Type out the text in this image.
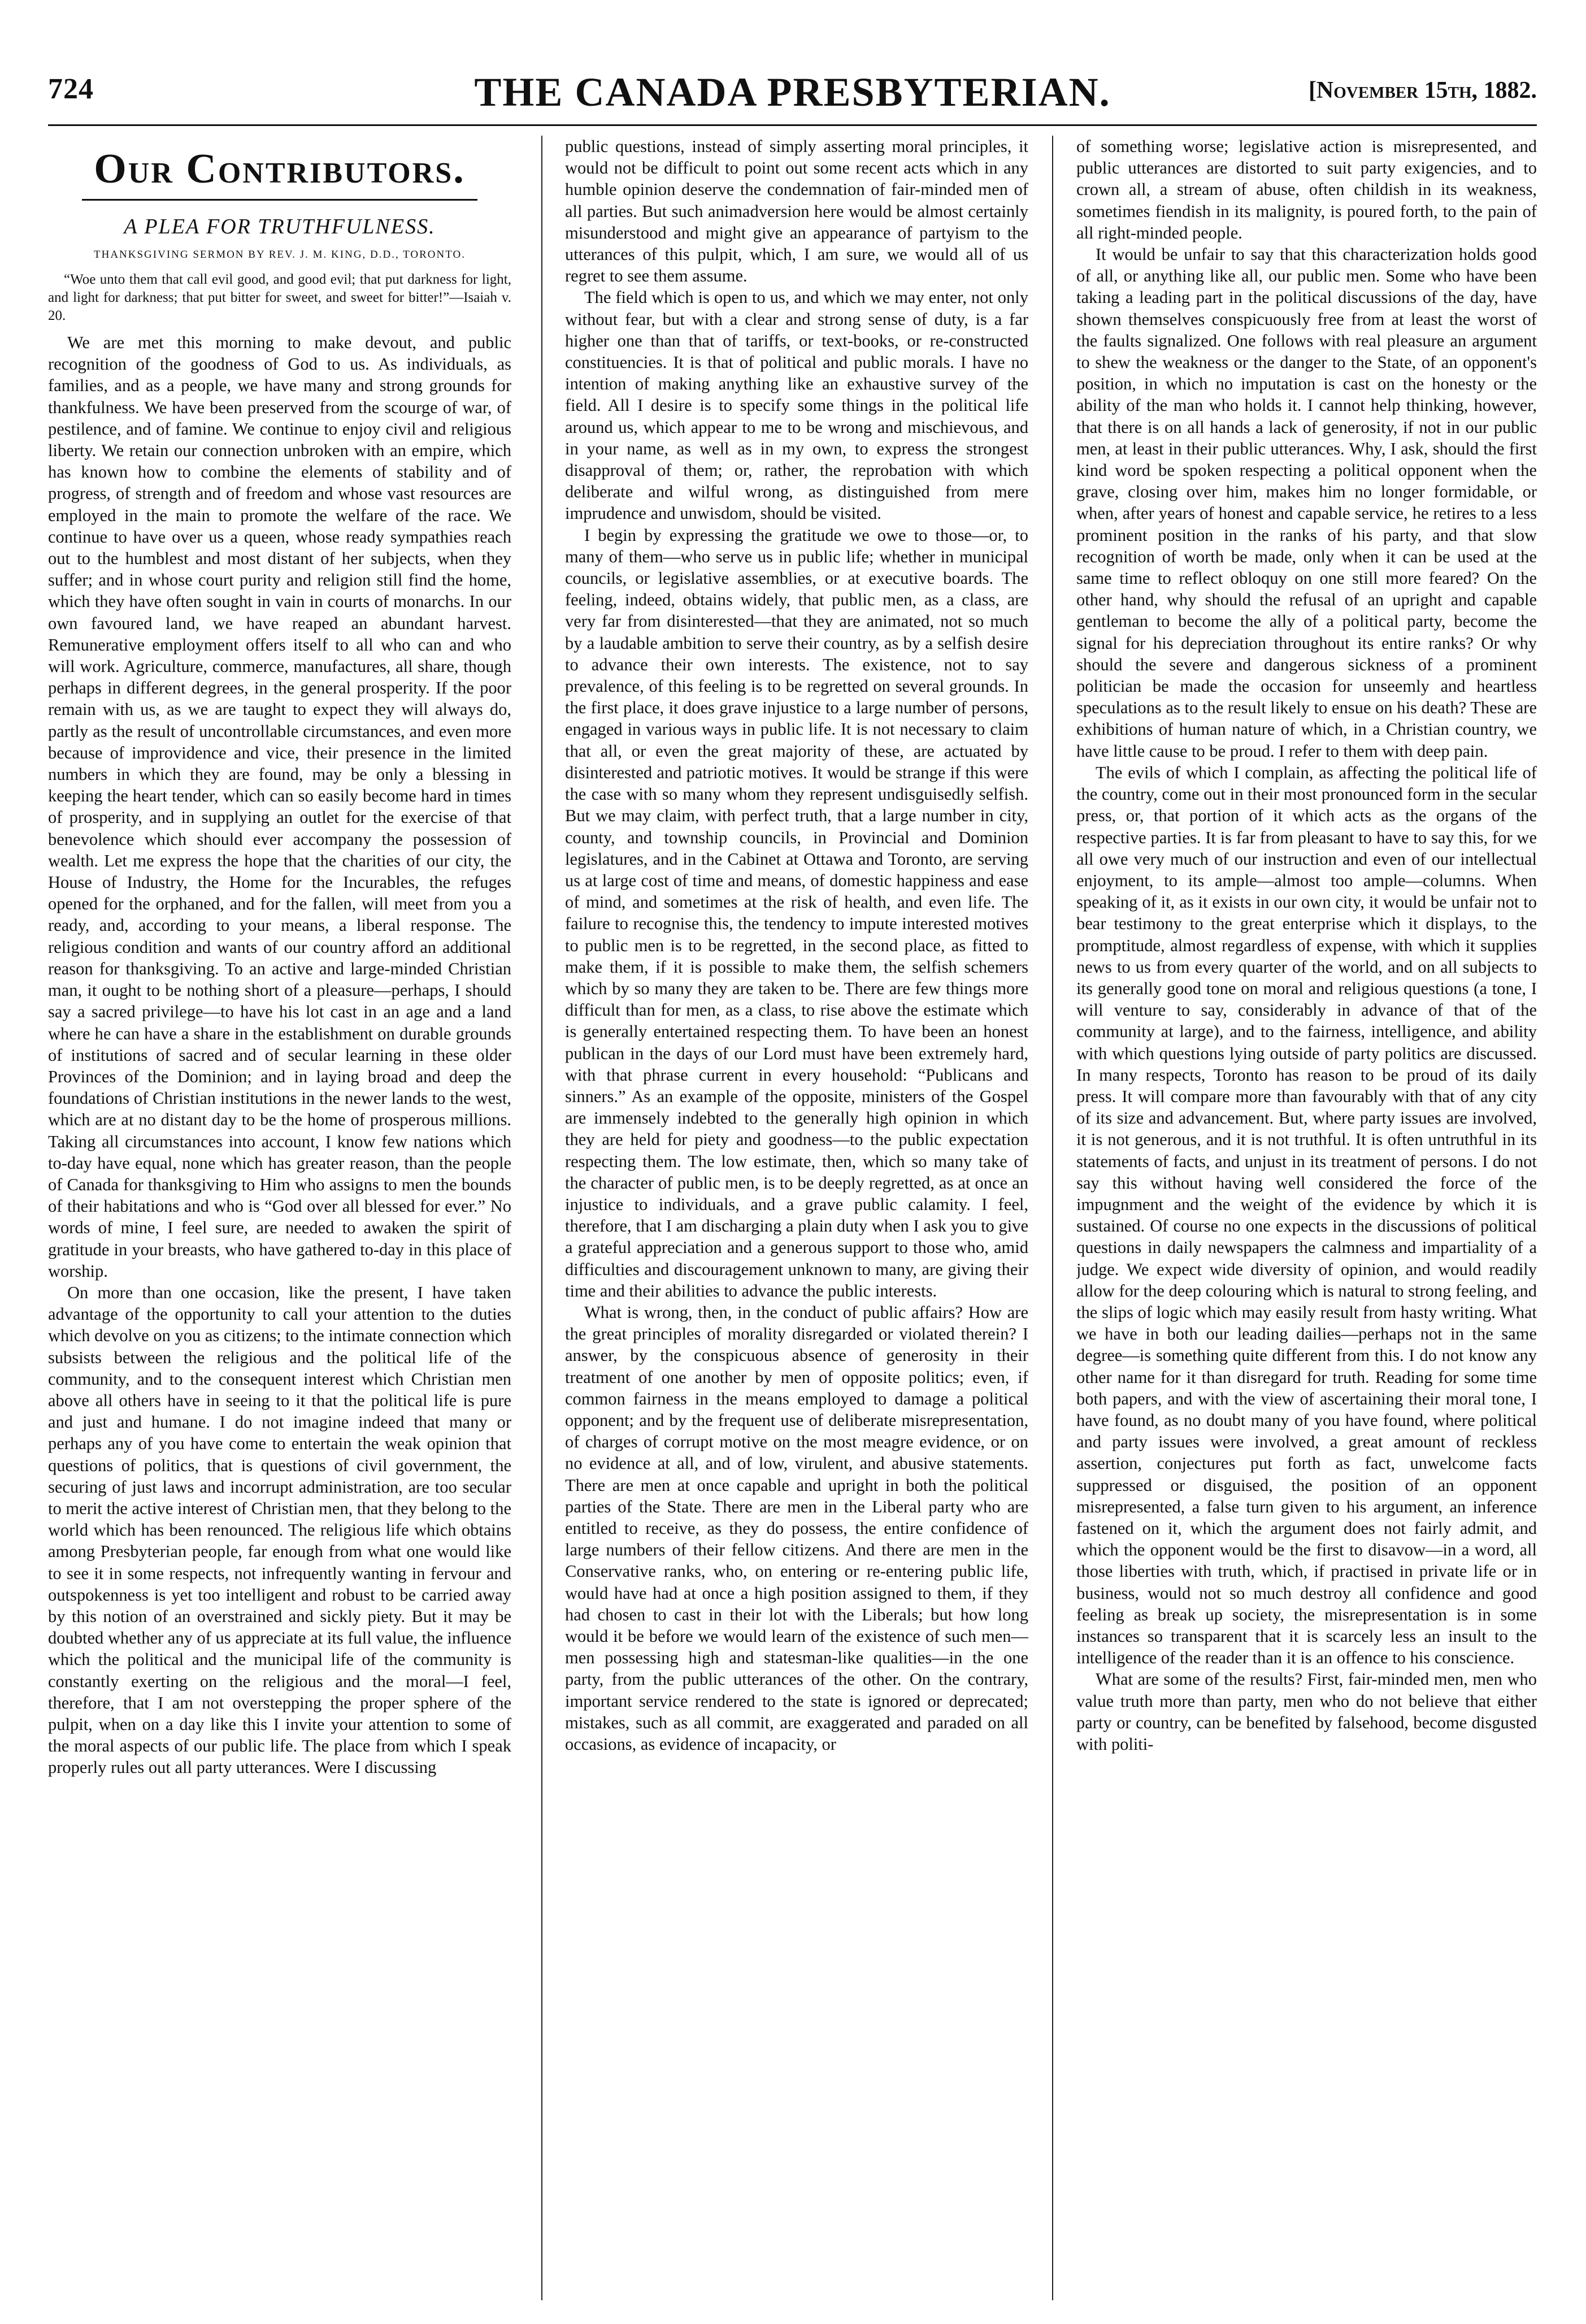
724	THE CANADA PRESBYTERIAN.	[November 15th, 1882.
Our Contributors.
A PLEA FOR TRUTHFULNESS.
THANKSGIVING SERMON BY REV. J. M. KING, D.D., TORONTO.
“Woe unto them that call evil good, and good evil; that put darkness for light, and light for darkness; that put bitter for sweet, and sweet for bitter!”—Isaiah v. 20.

We are met this morning to make devout, and public recognition of the goodness of God to us. As individuals, as families, and as a people, we have many and strong grounds for thankfulness. We have been preserved from the scourge of war, of pestilence, and of famine. We continue to enjoy civil and religious liberty. We retain our connection unbroken with an empire, which has known how to combine the elements of stability and of progress, of strength and of freedom and whose vast resources are employed in the main to promote the welfare of the race. We continue to have over us a queen, whose ready sympathies reach out to the humblest and most distant of her subjects, when they suffer; and in whose court purity and religion still find the home, which they have often sought in vain in courts of monarchs. In our own favoured land, we have reaped an abundant harvest. Remunerative employment offers itself to all who can and who will work. Agriculture, commerce, manufactures, all share, though perhaps in different degrees, in the general prosperity. If the poor remain with us, as we are taught to expect they will always do, partly as the result of uncontrollable circumstances, and even more because of improvidence and vice, their presence in the limited numbers in which they are found, may be only a blessing in keeping the heart tender, which can so easily become hard in times of prosperity, and in supplying an outlet for the exercise of that benevolence which should ever accompany the possession of wealth. Let me express the hope that the charities of our city, the House of Industry, the Home for the Incurables, the refuges opened for the orphaned, and for the fallen, will meet from you a ready, and, according to your means, a liberal response. The religious condition and wants of our country afford an additional reason for thanksgiving. To an active and large-minded Christian man, it ought to be nothing short of a pleasure—perhaps, I should say a sacred privilege—to have his lot cast in an age and a land where he can have a share in the establishment on durable grounds of institutions of sacred and of secular learning in these older Provinces of the Dominion; and in laying broad and deep the foundations of Christian institutions in the newer lands to the west, which are at no distant day to be the home of prosperous millions. Taking all circumstances into account, I know few nations which to-day have equal, none which has greater reason, than the people of Canada for thanksgiving to Him who assigns to men the bounds of their habitations and who is “God over all blessed for ever.” No words of mine, I feel sure, are needed to awaken the spirit of gratitude in your breasts, who have gathered to-day in this place of worship.

On more than one occasion, like the present, I have taken advantage of the opportunity to call your attention to the duties which devolve on you as citizens; to the intimate connection which subsists between the religious and the political life of the community, and to the consequent interest which Christian men above all others have in seeing to it that the political life is pure and just and humane. I do not imagine indeed that many or perhaps any of you have come to entertain the weak opinion that questions of politics, that is questions of civil government, the securing of just laws and incorrupt administration, are too secular to merit the active interest of Christian men, that they belong to the world which has been renounced. The religious life which obtains among Presbyterian people, far enough from what one would like to see it in some respects, not infrequently wanting in fervour and outspokenness is yet too intelligent and robust to be carried away by this notion of an overstrained and sickly piety. But it may be doubted whether any of us appreciate at its full value, the influence which the political and the municipal life of the community is constantly exerting on the religious and the moral—I feel, therefore, that I am not overstepping the proper sphere of the pulpit, when on a day like this I invite your attention to some of the moral aspects of our public life. The place from which I speak properly rules out all party utterances. Were I discussing

public questions, instead of simply asserting moral principles, it would not be difficult to point out some recent acts which in any humble opinion deserve the condemnation of fair-minded men of all parties. But such animadversion here would be almost certainly misunderstood and might give an appearance of partyism to the utterances of this pulpit, which, I am sure, we would all of us regret to see them assume.

The field which is open to us, and which we may enter, not only without fear, but with a clear and strong sense of duty, is a far higher one than that of tariffs, or text-books, or re-constructed constituencies. It is that of political and public morals. I have no intention of making anything like an exhaustive survey of the field. All I desire is to specify some things in the political life around us, which appear to me to be wrong and mischievous, and in your name, as well as in my own, to express the strongest disapproval of them; or, rather, the reprobation with which deliberate and wilful wrong, as distinguished from mere imprudence and unwisdom, should be visited.

I begin by expressing the gratitude we owe to those—or, to many of them—who serve us in public life; whether in municipal councils, or legislative assemblies, or at executive boards. The feeling, indeed, obtains widely, that public men, as a class, are very far from disinterested—that they are animated, not so much by a laudable ambition to serve their country, as by a selfish desire to advance their own interests. The existence, not to say prevalence, of this feeling is to be regretted on several grounds. In the first place, it does grave injustice to a large number of persons, engaged in various ways in public life. It is not necessary to claim that all, or even the great majority of these, are actuated by disinterested and patriotic motives. It would be strange if this were the case with so many whom they represent undisguisedly selfish. But we may claim, with perfect truth, that a large number in city, county, and township councils, in Provincial and Dominion legislatures, and in the Cabinet at Ottawa and Toronto, are serving us at large cost of time and means, of domestic happiness and ease of mind, and sometimes at the risk of health, and even life. The failure to recognise this, the tendency to impute interested motives to public men is to be regretted, in the second place, as fitted to make them, if it is possible to make them, the selfish schemers which by so many they are taken to be. There are few things more difficult than for men, as a class, to rise above the estimate which is generally entertained respecting them. To have been an honest publican in the days of our Lord must have been extremely hard, with that phrase current in every household: “Publicans and sinners.” As an example of the opposite, ministers of the Gospel are immensely indebted to the generally high opinion in which they are held for piety and goodness—to the public expectation respecting them. The low estimate, then, which so many take of the character of public men, is to be deeply regretted, as at once an injustice to individuals, and a grave public calamity. I feel, therefore, that I am discharging a plain duty when I ask you to give a grateful appreciation and a generous support to those who, amid difficulties and discouragement unknown to many, are giving their time and their abilities to advance the public interests.

What is wrong, then, in the conduct of public affairs? How are the great principles of morality disregarded or violated therein? I answer, by the conspicuous absence of generosity in their treatment of one another by men of opposite politics; even, if common fairness in the means employed to damage a political opponent; and by the frequent use of deliberate misrepresentation, of charges of corrupt motive on the most meagre evidence, or on no evidence at all, and of low, virulent, and abusive statements. There are men at once capable and upright in both the political parties of the State. There are men in the Liberal party who are entitled to receive, as they do possess, the entire confidence of large numbers of their fellow citizens. And there are men in the Conservative ranks, who, on entering or re-entering public life, would have had at once a high position assigned to them, if they had chosen to cast in their lot with the Liberals; but how long would it be before we would learn of the existence of such men—men possessing high and statesman-like qualities—in the one party, from the public utterances of the other. On the contrary, important service rendered to the state is ignored or deprecated; mistakes, such as all commit, are exaggerated and paraded on all occasions, as evidence of incapacity, or

of something worse; legislative action is misrepresented, and public utterances are distorted to suit party exigencies, and to crown all, a stream of abuse, often childish in its weakness, sometimes fiendish in its malignity, is poured forth, to the pain of all right-minded people.

It would be unfair to say that this characterization holds good of all, or anything like all, our public men. Some who have been taking a leading part in the political discussions of the day, have shown themselves conspicuously free from at least the worst of the faults signalized. One follows with real pleasure an argument to shew the weakness or the danger to the State, of an opponent's position, in which no imputation is cast on the honesty or the ability of the man who holds it. I cannot help thinking, however, that there is on all hands a lack of generosity, if not in our public men, at least in their public utterances. Why, I ask, should the first kind word be spoken respecting a political opponent when the grave, closing over him, makes him no longer formidable, or when, after years of honest and capable service, he retires to a less prominent position in the ranks of his party, and that slow recognition of worth be made, only when it can be used at the same time to reflect obloquy on one still more feared? On the other hand, why should the refusal of an upright and capable gentleman to become the ally of a political party, become the signal for his depreciation throughout its entire ranks? Or why should the severe and dangerous sickness of a prominent politician be made the occasion for unseemly and heartless speculations as to the result likely to ensue on his death? These are exhibitions of human nature of which, in a Christian country, we have little cause to be proud. I refer to them with deep pain.

The evils of which I complain, as affecting the political life of the country, come out in their most pronounced form in the secular press, or, that portion of it which acts as the organs of the respective parties. It is far from pleasant to have to say this, for we all owe very much of our instruction and even of our intellectual enjoyment, to its ample—almost too ample—columns. When speaking of it, as it exists in our own city, it would be unfair not to bear testimony to the great enterprise which it displays, to the promptitude, almost regardless of expense, with which it supplies news to us from every quarter of the world, and on all subjects to its generally good tone on moral and religious questions (a tone, I will venture to say, considerably in advance of that of the community at large), and to the fairness, intelligence, and ability with which questions lying outside of party politics are discussed. In many respects, Toronto has reason to be proud of its daily press. It will compare more than favourably with that of any city of its size and advancement. But, where party issues are involved, it is not generous, and it is not truthful. It is often untruthful in its statements of facts, and unjust in its treatment of persons. I do not say this without having well considered the force of the impugnment and the weight of the evidence by which it is sustained. Of course no one expects in the discussions of political questions in daily newspapers the calmness and impartiality of a judge. We expect wide diversity of opinion, and would readily allow for the deep colouring which is natural to strong feeling, and the slips of logic which may easily result from hasty writing. What we have in both our leading dailies—perhaps not in the same degree—is something quite different from this. I do not know any other name for it than disregard for truth. Reading for some time both papers, and with the view of ascertaining their moral tone, I have found, as no doubt many of you have found, where political and party issues were involved, a great amount of reckless assertion, conjectures put forth as fact, unwelcome facts suppressed or disguised, the position of an opponent misrepresented, a false turn given to his argument, an inference fastened on it, which the argument does not fairly admit, and which the opponent would be the first to disavow—in a word, all those liberties with truth, which, if practised in private life or in business, would not so much destroy all confidence and good feeling as break up society, the misrepresentation is in some instances so transparent that it is scarcely less an insult to the intelligence of the reader than it is an offence to his conscience.

What are some of the results? First, fair-minded men, men who value truth more than party, men who do not believe that either party or country, can be benefited by falsehood, become disgusted with politi-
